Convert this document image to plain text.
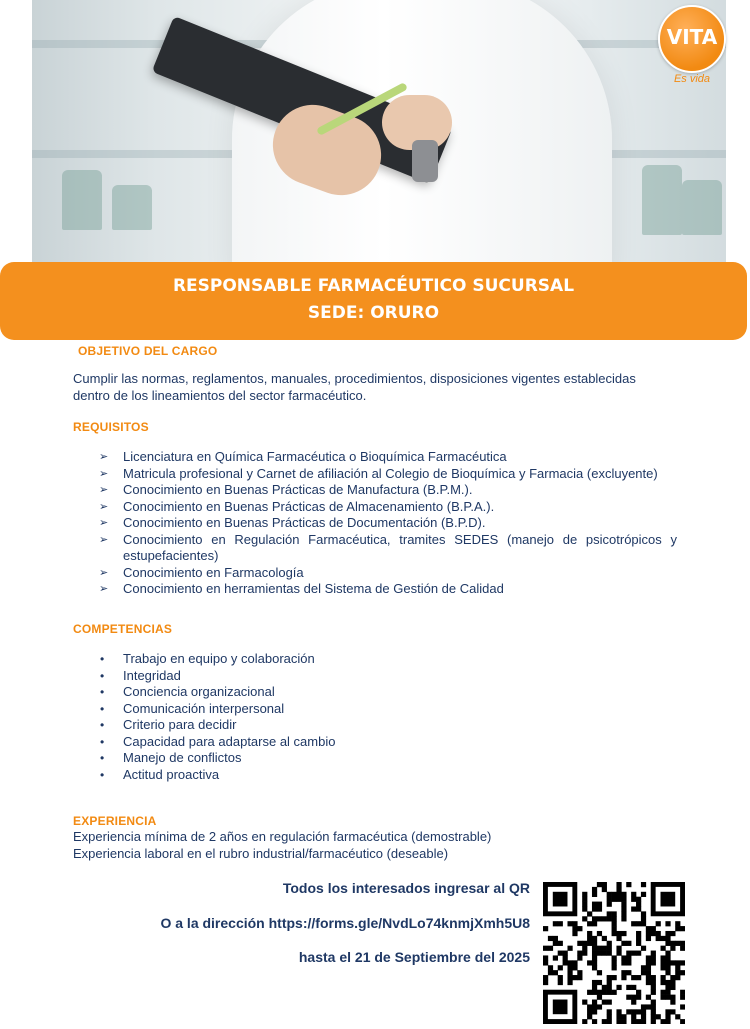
VITA
Es vida
RESPONSABLE FARMACÉUTICO SUCURSAL
SEDE: ORURO
OBJETIVO DEL CARGO
Cumplir las normas, reglamentos, manuales, procedimientos, disposiciones vigentes establecidas
dentro de los lineamientos del sector farmacéutico.
REQUISITOS
➢ Licenciatura en Química Farmacéutica o Bioquímica Farmacéutica
➢ Matricula profesional y Carnet de afiliación al Colegio de Bioquímica y Farmacia (excluyente)
➢ Conocimiento en Buenas Prácticas de Manufactura (B.P.M.).
➢ Conocimiento en Buenas Prácticas de Almacenamiento (B.P.A.).
➢ Conocimiento en Buenas Prácticas de Documentación (B.P.D).
➢ Conocimiento en Regulación Farmacéutica, tramites SEDES (manejo de psicotrópicos y estupefacientes)
➢ Conocimiento en Farmacología
➢ Conocimiento en herramientas del Sistema de Gestión de Calidad
COMPETENCIAS
• Trabajo en equipo y colaboración
• Integridad
• Conciencia organizacional
• Comunicación interpersonal
• Criterio para decidir
• Capacidad para adaptarse al cambio
• Manejo de conflictos
• Actitud proactiva
EXPERIENCIA
Experiencia mínima de 2 años en regulación farmacéutica (demostrable)
Experiencia laboral en el rubro industrial/farmacéutico (deseable)
Todos los interesados ingresar al QR
O a la dirección https://forms.gle/NvdLo74knmjXmh5U8
hasta el 21 de Septiembre del 2025
